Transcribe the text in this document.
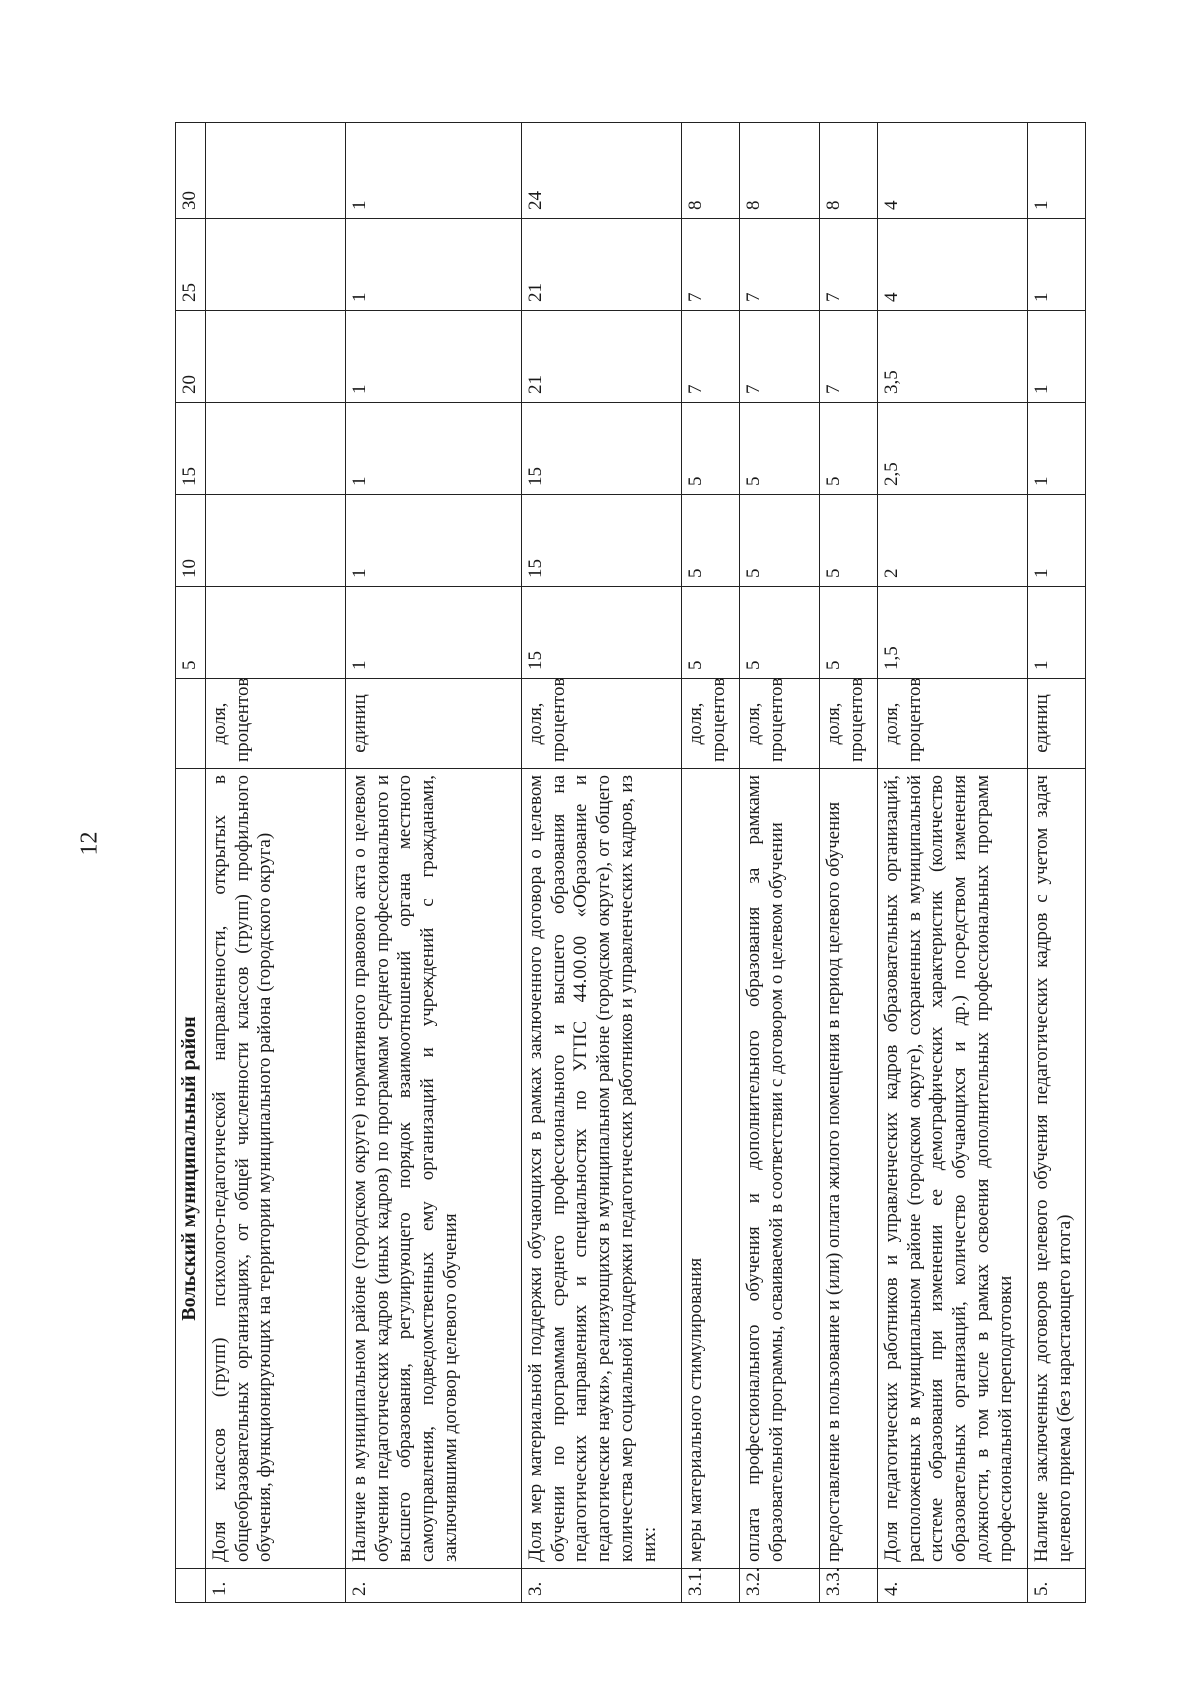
12
	Вольский муниципальный район		5	10	15	20	25	30
1.	Доля классов (групп) психолого-педагогической направленности, открытых в общеобразовательных организациях, от общей численности классов (групп) профильного обучения, функционирующих на территории муниципального района (городского округа)	доля, процентов						
2.	Наличие в муниципальном районе (городском округе) нормативного правового акта о целевом обучении педагогических кадров (иных кадров) по программам среднего профессионального и высшего образования, регулирующего порядок взаимоотношений органа местного самоуправления, подведомственных ему организаций и учреждений с гражданами, заключившими договор целевого обучения	единиц	1	1	1	1	1	1
3.	Доля мер материальной поддержки обучающихся в рамках заключенного договора о целевом обучении по программам среднего профессионального и высшего образования на педагогических направлениях и специальностях по УГПС 44.00.00 «Образование и педагогические науки», реализующихся в муниципальном районе (городском округе), от общего количества мер социальной поддержки педагогических работников и управленческих кадров, из них:	доля, процентов	15	15	15	21	21	24
3.1.	меры материального стимулирования	доля, процентов	5	5	5	7	7	8
3.2.	оплата профессионального обучения и дополнительного образования за рамками образовательной программы, осваиваемой в соответствии с договором о целевом обучении	доля, процентов	5	5	5	7	7	8
3.3.	предоставление в пользование и (или) оплата жилого помещения в период целевого обучения	доля, процентов	5	5	5	7	7	8
4.	Доля педагогических работников и управленческих кадров образовательных организаций, расположенных в муниципальном районе (городском округе), сохраненных в муниципальной системе образования при изменении ее демографических характеристик (количество образовательных организаций, количество обучающихся и др.) посредством изменения должности, в том числе в рамках освоения дополнительных профессиональных программ профессиональной переподготовки	доля, процентов	1,5	2	2,5	3,5	4	4
5.	Наличие заключенных договоров целевого обучения педагогических кадров с учетом задач целевого приема (без нарастающего итога)	единиц	1	1	1	1	1	1
